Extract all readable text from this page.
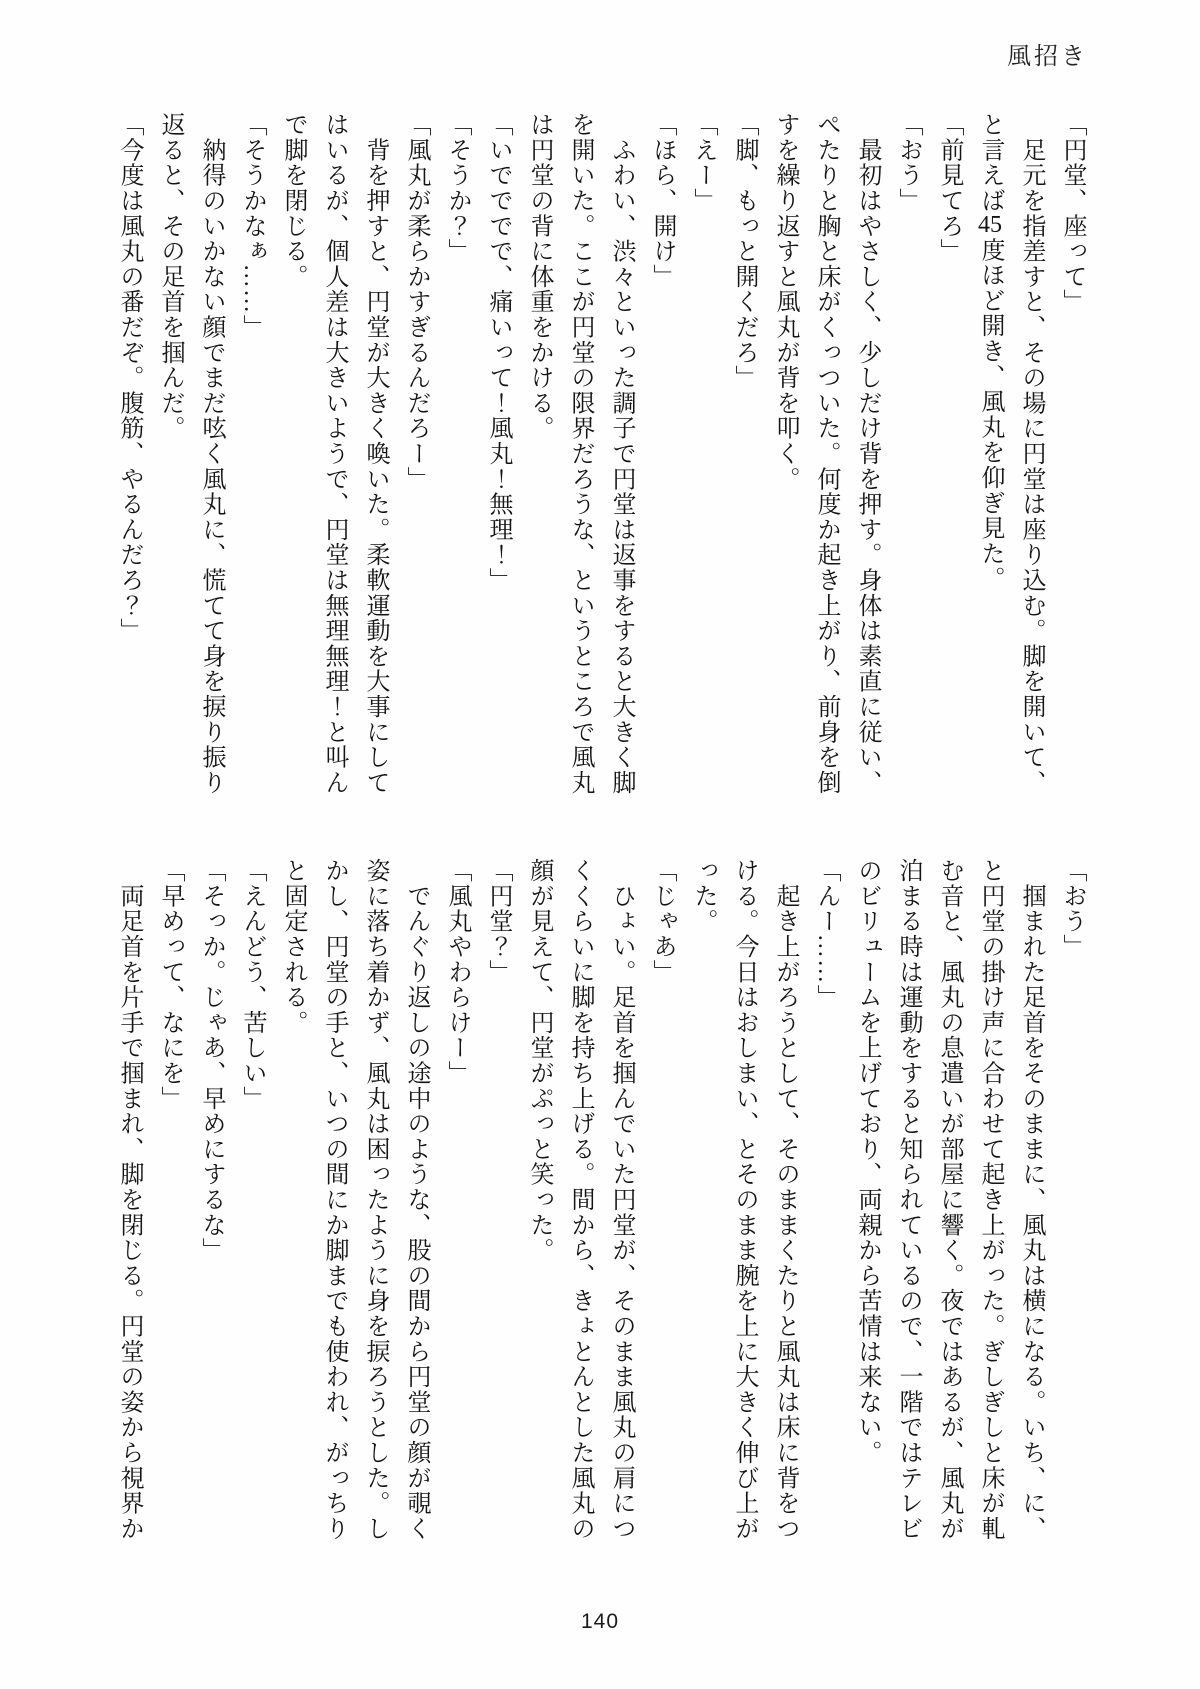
風招き

「円堂、座って」

　足元を指差すと、その場に円堂は座り込む。脚を開いて、と言えば45度ほど開き、風丸を仰ぎ見た。

「前見てろ」

「おう」

　最初はやさしく、少しだけ背を押す。身体は素直に従い、ぺたりと胸と床がくっついた。何度か起き上がり、前身を倒すを繰り返すと風丸が背を叩く。

「脚、もっと開くだろ」

「えー」

「ほら、開け」

　ふわい、渋々といった調子で円堂は返事をすると大きく脚を開いた。ここが円堂の限界だろうな、というところで風丸は円堂の背に体重をかける。

「いでででで、痛いって！風丸！無理！」

「そうか？」

「風丸が柔らかすぎるんだろー」

　背を押すと、円堂が大きく喚いた。柔軟運動を大事にしてはいるが、個人差は大きいようで、円堂は無理無理！と叫んで脚を閉じる。

「そうかなぁ……」

　納得のいかない顔でまだ呟く風丸に、慌てて身を捩り振り返ると、その足首を掴んだ。

「今度は風丸の番だぞ。腹筋、やるんだろ？」

「おう」

　掴まれた足首をそのままに、風丸は横になる。いち、に、と円堂の掛け声に合わせて起き上がった。ぎしぎしと床が軋む音と、風丸の息遣いが部屋に響く。夜ではあるが、風丸が泊まる時は運動をすると知られているので、一階ではテレビのビリュームを上げており、両親から苦情は来ない。

「んー……」

　起き上がろうとして、そのままくたりと風丸は床に背をつける。今日はおしまい、とそのまま腕を上に大きく伸び上がった。

「じゃあ」

　ひょい。足首を掴んでいた円堂が、そのまま風丸の肩につくくらいに脚を持ち上げる。間から、きょとんとした風丸の顔が見えて、円堂がぷっと笑った。

「円堂？」

「風丸やわらけー」

　でんぐり返しの途中のような、股の間から円堂の顔が覗く姿に落ち着かず、風丸は困ったように身を捩ろうとした。しかし、円堂の手と、いつの間にか脚までも使われ、がっちりと固定される。

「えんどう、苦しい」

「そっか。じゃあ、早めにするな」

「早めって、なにを」

　両足首を片手で掴まれ、脚を閉じる。円堂の姿から視界か

140
